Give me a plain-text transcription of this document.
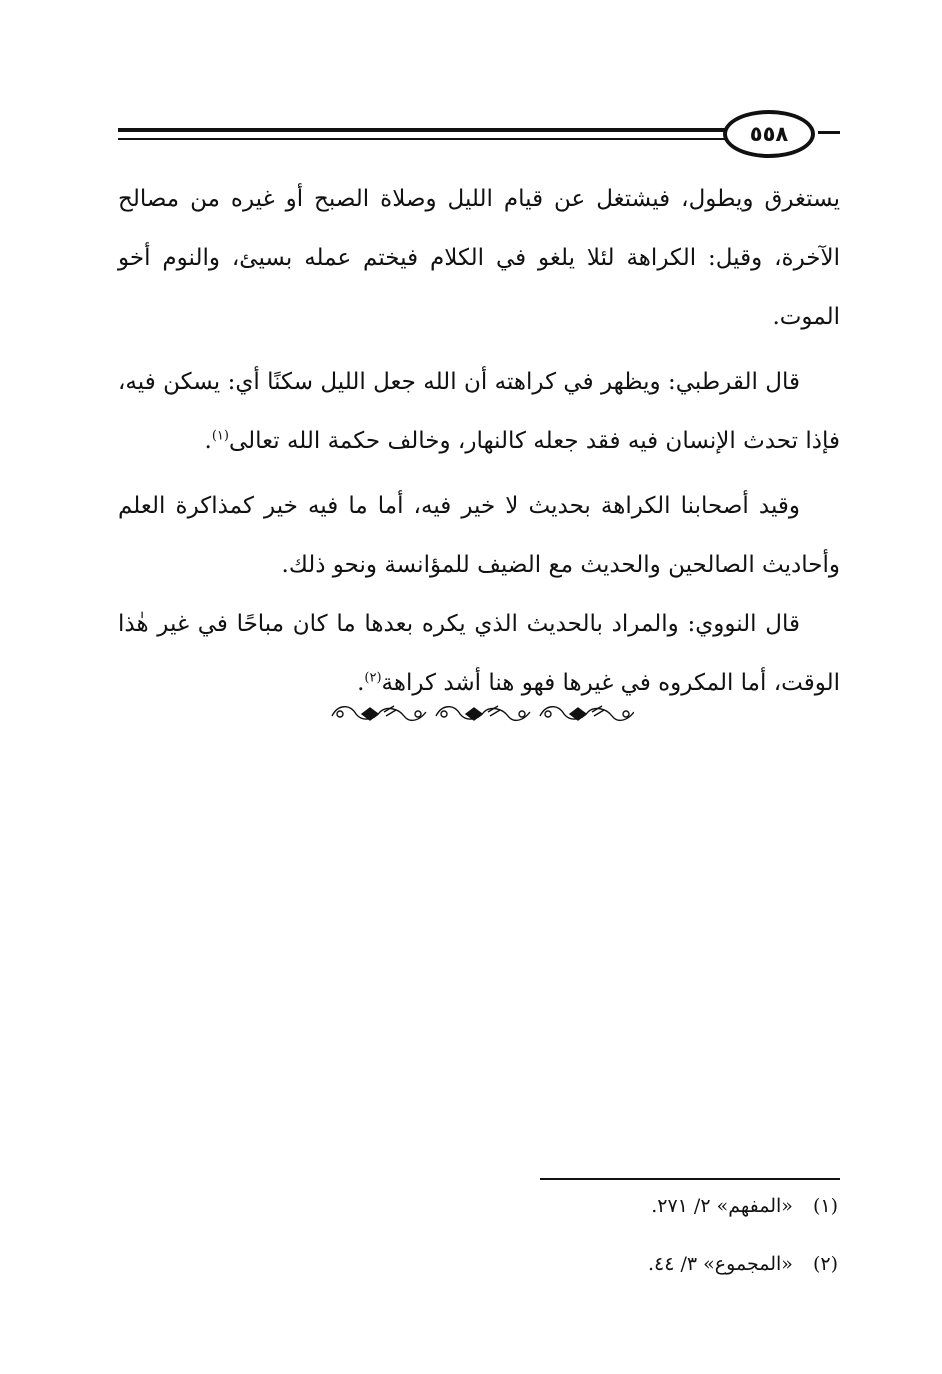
٥٥٨

يستغرق ويطول، فيشتغل عن قيام الليل وصلاة الصبح أو غيره من مصالح الآخرة، وقيل: الكراهة لئلا يلغو في الكلام فيختم عمله بسيئ، والنوم أخو الموت.

قال القرطبي: ويظهر في كراهته أن الله جعل الليل سكنًا أي: يسكن فيه، فإذا تحدث الإنسان فيه فقد جعله كالنهار، وخالف حكمة الله تعالى$^{(١)}$.

وقيد أصحابنا الكراهة بحديث لا خير فيه، أما ما فيه خير كمذاكرة العلم وأحاديث الصالحين والحديث مع الضيف للمؤانسة ونحو ذلك.

قال النووي: والمراد بالحديث الذي يكره بعدها ما كان مباحًا في غير هٰذا الوقت، أما المكروه في غيرها فهو هنا أشد كراهة$^{(٢)}$.

(١) «المفهم» ٢/ ٢٧١.

(٢) «المجموع» ٣/ ٤٤.
